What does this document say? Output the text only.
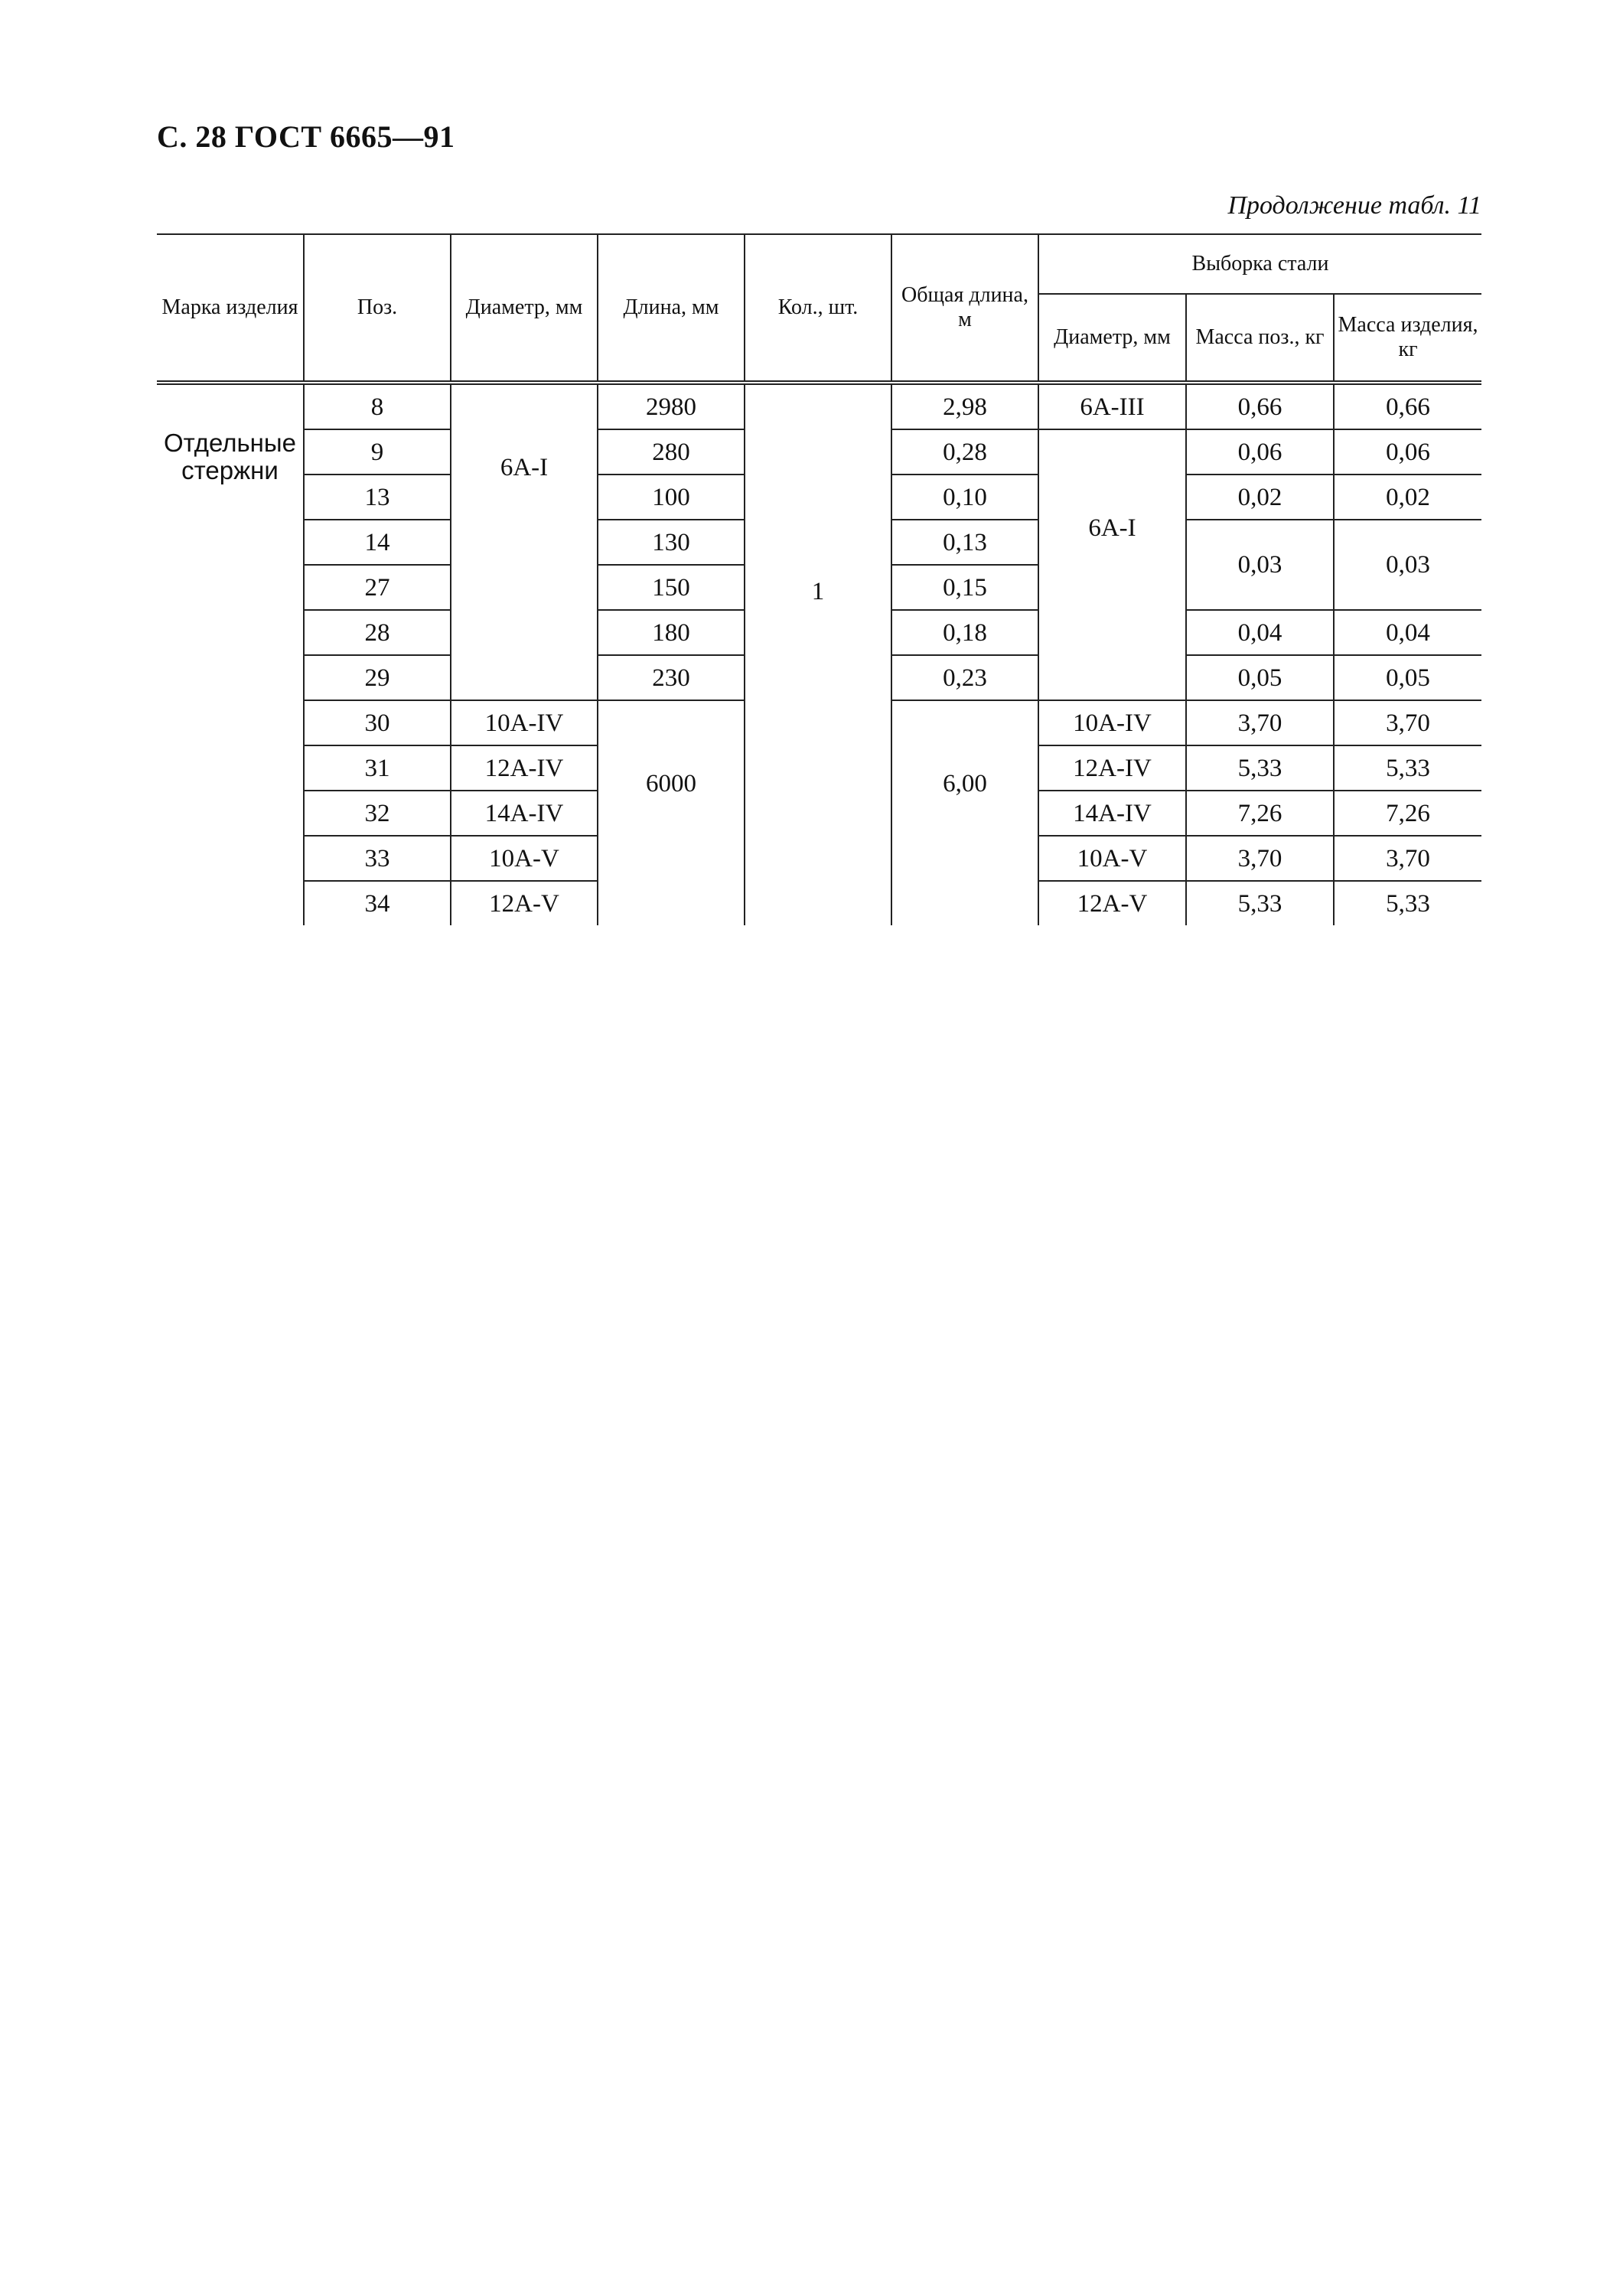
С. 28 ГОСТ 6665—91
Продолжение табл. 11
Марка изделия	Поз.	Диаметр, мм	Длина, мм	Кол., шт.	Общая длина, м	Выборка стали		
						Диаметр, мм	Масса поз., кг	Масса изделия, кг
Отдельные стержни	8	6А-I	2980	1	2,98	6А-III	0,66	0,66
	9		280		0,28	6А-I	0,06	0,06
	13		100		0,10		0,02	0,02
	14		130		0,13		0,03	0,03
	27		150		0,15			
	28		180		0,18		0,04	0,04
	29		230		0,23		0,05	0,05
	30	10А-IV	6000		6,00	10А-IV	3,70	3,70
	31	12А-IV				12А-IV	5,33	5,33
	32	14А-IV				14А-IV	7,26	7,26
	33	10А-V				10А-V	3,70	3,70
	34	12А-V				12А-V	5,33	5,33
